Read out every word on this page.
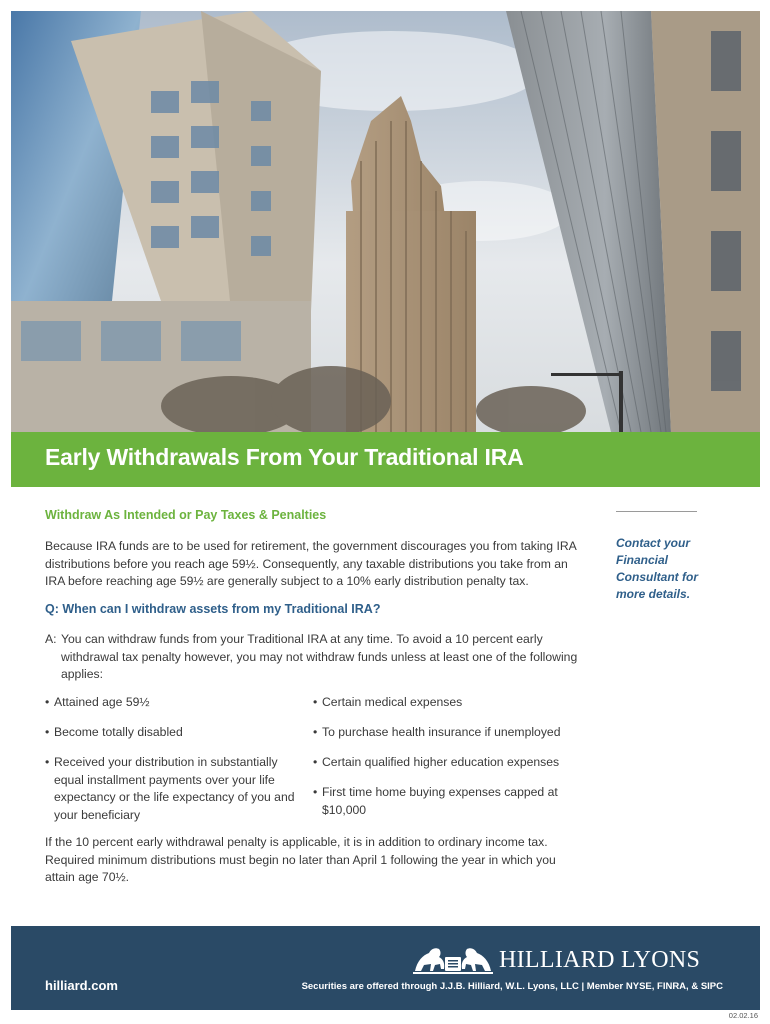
Early Withdrawals From Your Traditional IRA
Withdraw As Intended or Pay Taxes & Penalties

Because IRA funds are to be used for retirement, the government discourages you from taking IRA distributions before you reach age 59½. Consequently, any taxable distributions you take from an IRA before reaching age 59½ are generally subject to a 10% early distribution penalty tax.

Q: When can I withdraw assets from my Traditional IRA?
A: You can withdraw funds from your Traditional IRA at any time. To avoid a 10 percent early withdrawal tax penalty however, you may not withdraw funds unless at least one of the following applies:
• Attained age 59½
• Become totally disabled
• Received your distribution in substantially equal installment payments over your life expectancy or the life expectancy of you and your beneficiary
• Certain medical expenses
• To purchase health insurance if unemployed
• Certain qualified higher education expenses
• First time home buying expenses capped at $10,000

If the 10 percent early withdrawal penalty is applicable, it is in addition to ordinary income tax. Required minimum distributions must begin no later than April 1 following the year in which you attain age 70½.

Contact your Financial Consultant for more details.
HILLIARD LYONS
hilliard.com	Securities are offered through J.J.B. Hilliard, W.L. Lyons, LLC | Member NYSE, FINRA, & SIPC
02.02.16
